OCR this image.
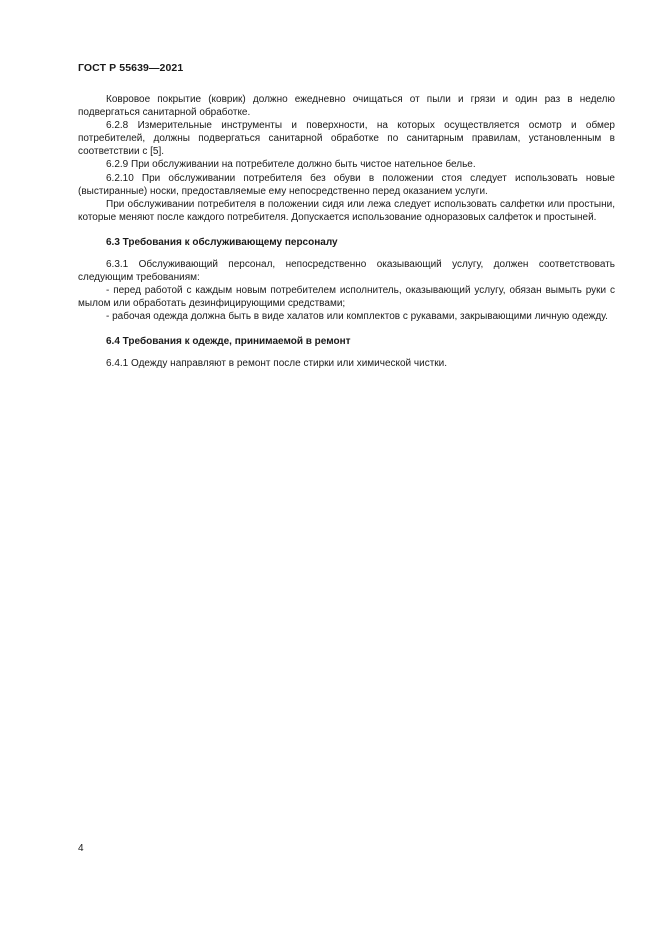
ГОСТ Р 55639—2021

Ковровое покрытие (коврик) должно ежедневно очищаться от пыли и грязи и один раз в неделю подвергаться санитарной обработке.

6.2.8 Измерительные инструменты и поверхности, на которых осуществляется осмотр и обмер потребителей, должны подвергаться санитарной обработке по санитарным правилам, установленным в соответствии с [5].

6.2.9 При обслуживании на потребителе должно быть чистое нательное белье.

6.2.10 При обслуживании потребителя без обуви в положении стоя следует использовать новые (выстиранные) носки, предоставляемые ему непосредственно перед оказанием услуги.

При обслуживании потребителя в положении сидя или лежа следует использовать салфетки или простыни, которые меняют после каждого потребителя. Допускается использование одноразовых салфеток и простыней.

6.3 Требования к обслуживающему персоналу

6.3.1 Обслуживающий персонал, непосредственно оказывающий услугу, должен соответствовать следующим требованиям:

- перед работой с каждым новым потребителем исполнитель, оказывающий услугу, обязан вымыть руки с мылом или обработать дезинфицирующими средствами;

- рабочая одежда должна быть в виде халатов или комплектов с рукавами, закрывающими личную одежду.

6.4 Требования к одежде, принимаемой в ремонт

6.4.1 Одежду направляют в ремонт после стирки или химической чистки.

4
